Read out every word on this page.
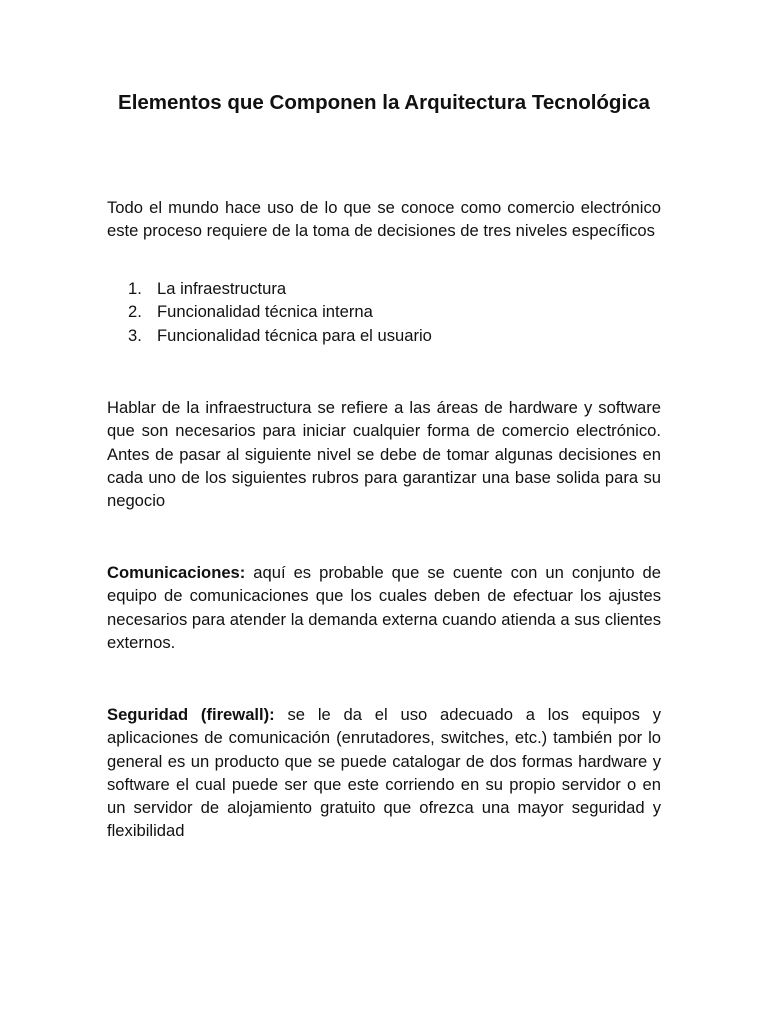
Elementos que Componen la Arquitectura Tecnológica

Todo el mundo hace uso de lo que se conoce como comercio electrónico este proceso requiere de la toma de decisiones de tres niveles específicos

1. La infraestructura
2. Funcionalidad técnica interna
3. Funcionalidad técnica para el usuario

Hablar de la infraestructura se refiere a las áreas de hardware y software que son necesarios para iniciar cualquier forma de comercio electrónico. Antes de pasar al siguiente nivel se debe de tomar algunas decisiones en cada uno de los siguientes rubros para garantizar una base solida para su negocio

Comunicaciones: aquí es probable que se cuente con un conjunto de equipo de comunicaciones que los cuales deben de efectuar los ajustes necesarios para atender la demanda externa cuando atienda a sus clientes externos.

Seguridad (firewall): se le da el uso adecuado a los equipos y aplicaciones de comunicación (enrutadores, switches, etc.) también por lo general es un producto que se puede catalogar de dos formas hardware y software el cual puede ser que este corriendo en su propio servidor o en un servidor de alojamiento gratuito que ofrezca una mayor seguridad y flexibilidad
